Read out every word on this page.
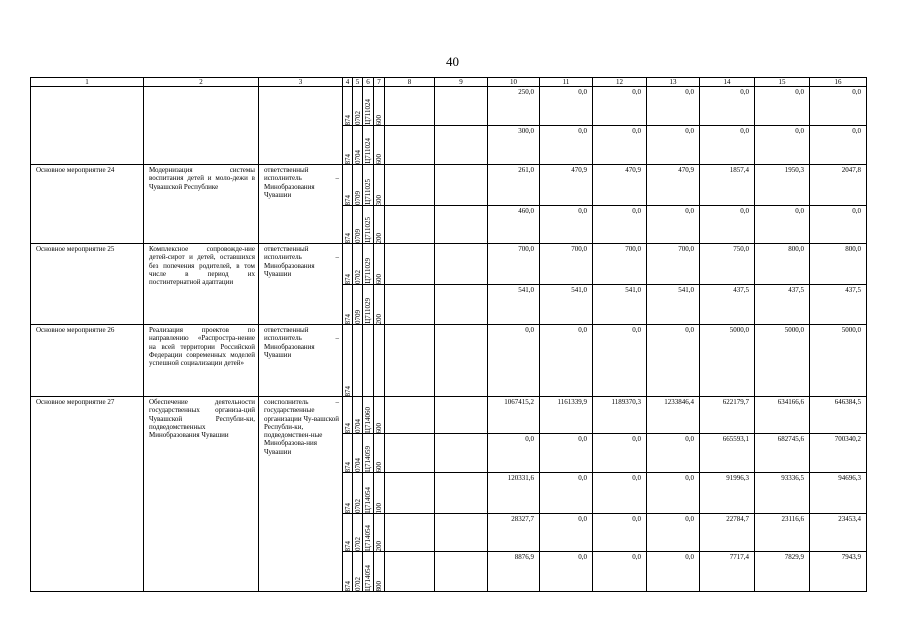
40
1	2	3	4	5	6	7	8	9	10	11	12	13	14	15	16

			874	0702	Ц711024	600			250,0	0,0	0,0	0,0	0,0	0,0	0,0

			874	0704	Ц711024	600			300,0	0,0	0,0	0,0	0,0	0,0	0,0
Основное мероприятие 24	Модернизация системы воспитания детей и моло-дежи в Чувашской Республике	ответственный исполнитель – Минобразования Чувашии	874	0709	Ц711025	300			261,0	470,9	470,9	470,9	1857,4	1950,3	2047,8

			874	0709	Ц711025	200			460,0	0,0	0,0	0,0	0,0	0,0	0,0
Основное мероприятие 25	Комплексное сопровожде-ние детей-сирот и детей, оставшихся без попечения родителей, в том числе в период их постинтернатной адаптации	ответственный исполнитель – Минобразования Чувашии	874	0702	Ц711029	600			700,0	700,0	700,0	700,0	750,0	800,0	800,0

			874	0709	Ц711029	200			541,0	541,0	541,0	541,0	437,5	437,5	437,5
Основное мероприятие 26	Реализация проектов по направлению «Распростра-нение на всей территории Российской Федерации современных моделей успешной социализации детей»	ответственный исполнитель – Минобразования Чувашии	874						0,0	0,0	0,0	0,0	5000,0	5000,0	5000,0
Основное мероприятие 27	Обеспечение деятельности государственных организа-ций Чувашской Республи-ки, подведомственных Минобразования Чувашии	соисполнитель – государственные организации Чу-вашской Республи-ки, подведомствен-ные Минобразова-ния Чувашии	874	0704	Ц714060	600			1067415,2	1161339,9	1189370,3	1233846,4	622179,7	634166,6	646384,5

			874	0704	Ц714059	600			0,0	0,0	0,0	0,0	665593,1	682745,6	700340,2

			874	0702	Ц714054	100			120331,6	0,0	0,0	0,0	91996,3	93336,5	94696,3

			874	0702	Ц714054	200			28327,7	0,0	0,0	0,0	22784,7	23116,6	23453,4

			874	0702	Ц714054	800			8876,9	0,0	0,0	0,0	7717,4	7829,9	7943,9
